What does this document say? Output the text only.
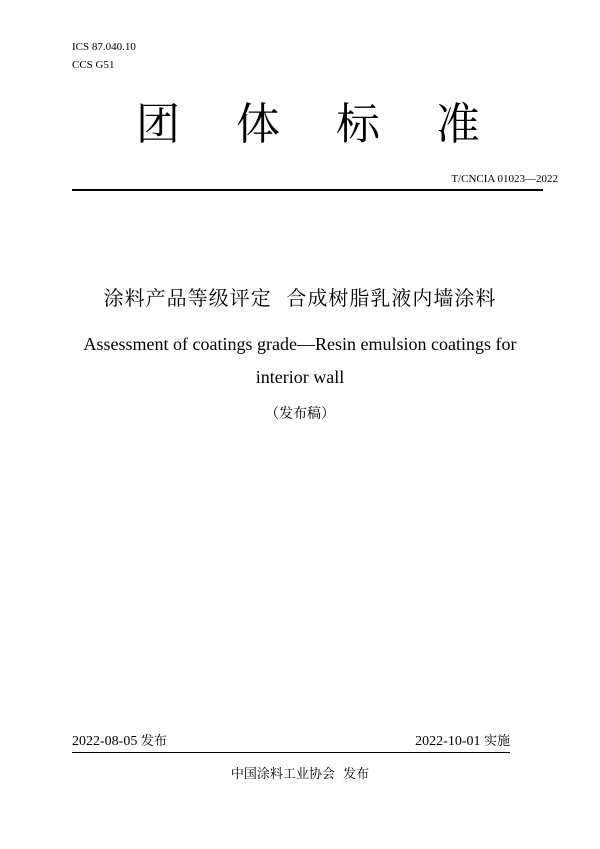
ICS 87.040.10
CCS G51
团 体 标 准
T/CNCIA 01023—2022
涂料产品等级评定  合成树脂乳液内墙涂料
Assessment of coatings grade—Resin emulsion coatings for
interior wall
（发布稿）
2022-08-05 发布	2022-10-01 实施
中国涂料工业协会  发布
